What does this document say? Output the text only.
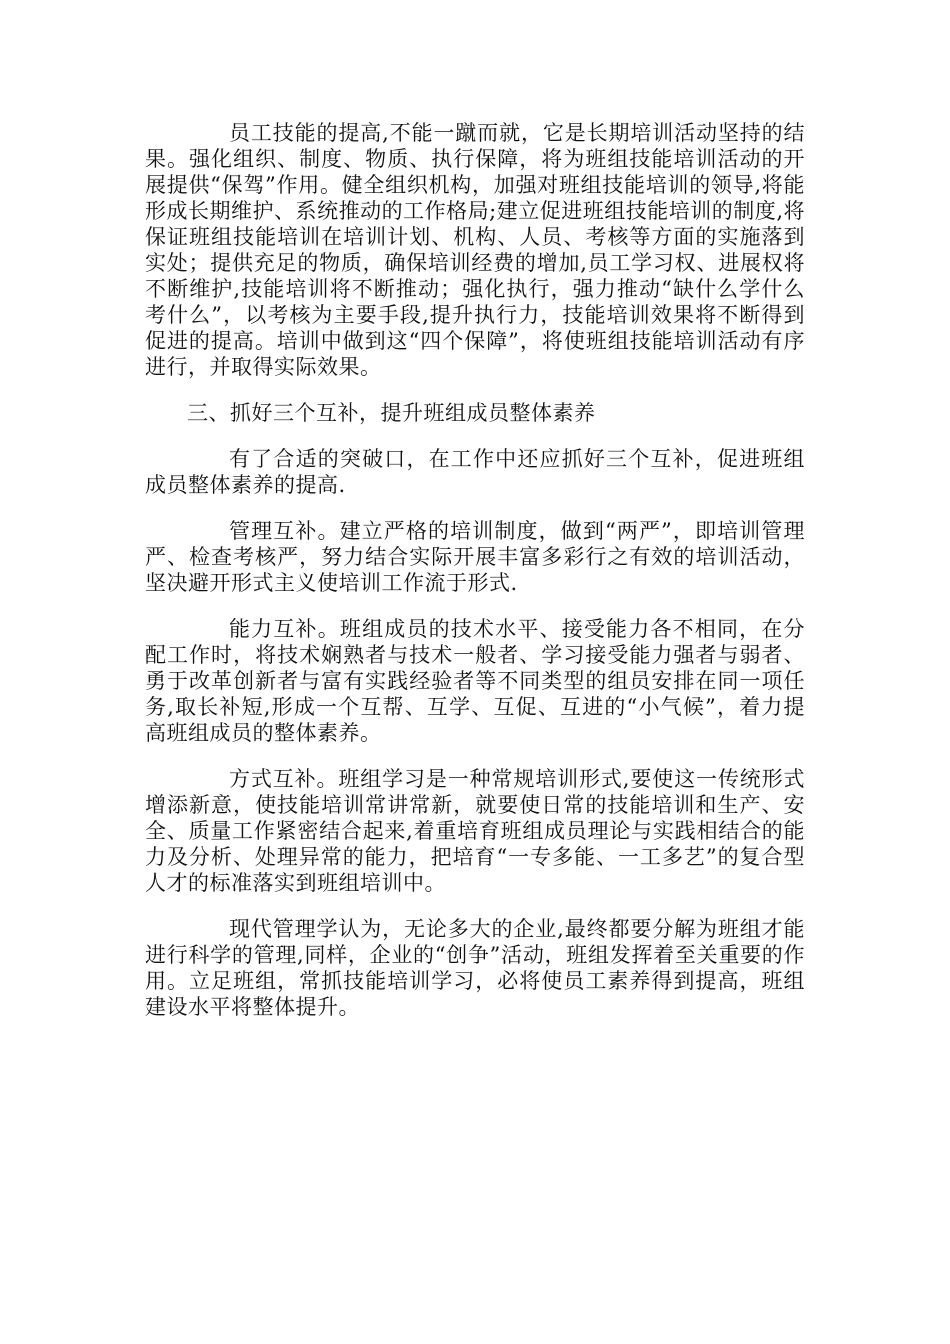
员工技能的提高,不能一蹴而就，它是长期培训活动坚持的结果。强化组织、制度、物质、执行保障，将为班组技能培训活动的开展提供“保驾”作用。健全组织机构，加强对班组技能培训的领导,将能形成长期维护、系统推动的工作格局;建立促进班组技能培训的制度,将保证班组技能培训在培训计划、机构、人员、考核等方面的实施落到实处；提供充足的物质，确保培训经费的增加,员工学习权、进展权将不断维护,技能培训将不断推动；强化执行，强力推动“缺什么学什么考什么”，以考核为主要手段,提升执行力，技能培训效果将不断得到促进的提高。培训中做到这“四个保障”，将使班组技能培训活动有序进行，并取得实际效果。

三、抓好三个互补，提升班组成员整体素养

有了合适的突破口，在工作中还应抓好三个互补，促进班组成员整体素养的提高.

管理互补。建立严格的培训制度，做到“两严”，即培训管理严、检查考核严，努力结合实际开展丰富多彩行之有效的培训活动，坚决避开形式主义使培训工作流于形式.

能力互补。班组成员的技术水平、接受能力各不相同，在分配工作时，将技术娴熟者与技术一般者、学习接受能力强者与弱者、勇于改革创新者与富有实践经验者等不同类型的组员安排在同一项任务,取长补短,形成一个互帮、互学、互促、互进的“小气候”，着力提高班组成员的整体素养。

方式互补。班组学习是一种常规培训形式,要使这一传统形式增添新意，使技能培训常讲常新，就要使日常的技能培训和生产、安全、质量工作紧密结合起来,着重培育班组成员理论与实践相结合的能力及分析、处理异常的能力，把培育“一专多能、一工多艺”的复合型人才的标准落实到班组培训中。

现代管理学认为，无论多大的企业,最终都要分解为班组才能进行科学的管理,同样，企业的“创争”活动，班组发挥着至关重要的作用。立足班组，常抓技能培训学习，必将使员工素养得到提高，班组建设水平将整体提升。
